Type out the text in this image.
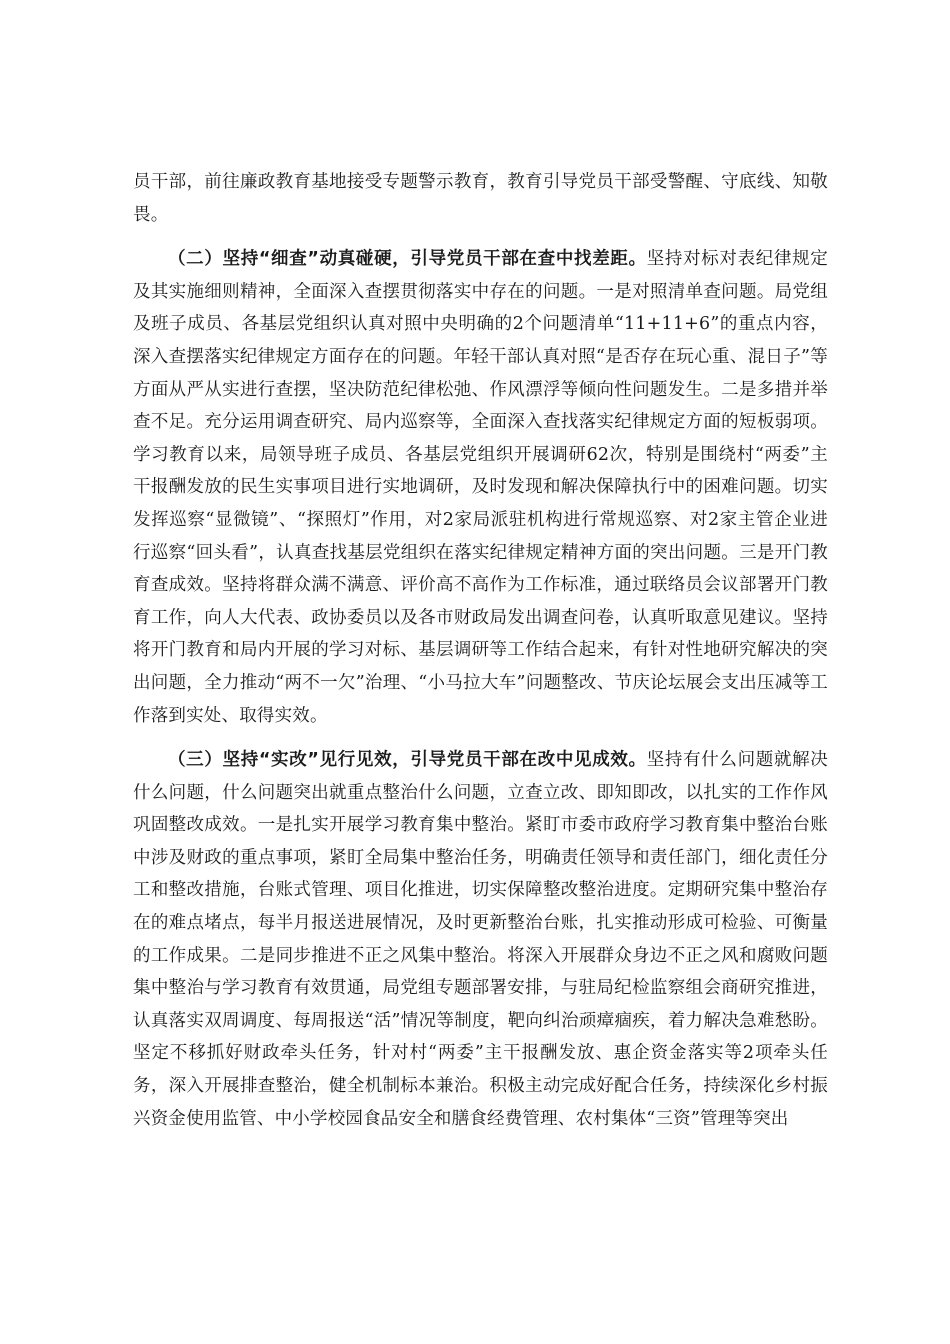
员干部，前往廉政教育基地接受专题警示教育，教育引导党员干部受警醒、守底线、知敬畏。

（二）坚持“细查”动真碰硬，引导党员干部在查中找差距。坚持对标对表纪律规定及其实施细则精神，全面深入查摆贯彻落实中存在的问题。一是对照清单查问题。局党组及班子成员、各基层党组织认真对照中央明确的2个问题清单“11+11+6”的重点内容，深入查摆落实纪律规定方面存在的问题。年轻干部认真对照“是否存在玩心重、混日子”等方面从严从实进行查摆，坚决防范纪律松弛、作风漂浮等倾向性问题发生。二是多措并举查不足。充分运用调查研究、局内巡察等，全面深入查找落实纪律规定方面的短板弱项。学习教育以来，局领导班子成员、各基层党组织开展调研62次，特别是围绕村“两委”主干报酬发放的民生实事项目进行实地调研，及时发现和解决保障执行中的困难问题。切实发挥巡察“显微镜”、“探照灯”作用，对2家局派驻机构进行常规巡察、对2家主管企业进行巡察“回头看”，认真查找基层党组织在落实纪律规定精神方面的突出问题。三是开门教育查成效。坚持将群众满不满意、评价高不高作为工作标准，通过联络员会议部署开门教育工作，向人大代表、政协委员以及各市财政局发出调查问卷，认真听取意见建议。坚持将开门教育和局内开展的学习对标、基层调研等工作结合起来，有针对性地研究解决的突出问题，全力推动“两不一欠”治理、“小马拉大车”问题整改、节庆论坛展会支出压减等工作落到实处、取得实效。

（三）坚持“实改”见行见效，引导党员干部在改中见成效。坚持有什么问题就解决什么问题，什么问题突出就重点整治什么问题，立查立改、即知即改，以扎实的工作作风巩固整改成效。一是扎实开展学习教育集中整治。紧盯市委市政府学习教育集中整治台账中涉及财政的重点事项，紧盯全局集中整治任务，明确责任领导和责任部门，细化责任分工和整改措施，台账式管理、项目化推进，切实保障整改整治进度。定期研究集中整治存在的难点堵点，每半月报送进展情况，及时更新整治台账，扎实推动形成可检验、可衡量的工作成果。二是同步推进不正之风集中整治。将深入开展群众身边不正之风和腐败问题集中整治与学习教育有效贯通，局党组专题部署安排，与驻局纪检监察组会商研究推进，认真落实双周调度、每周报送“活”情况等制度，靶向纠治顽瘴痼疾，着力解决急难愁盼。坚定不移抓好财政牵头任务，针对村“两委”主干报酬发放、惠企资金落实等2项牵头任务，深入开展排查整治，健全机制标本兼治。积极主动完成好配合任务，持续深化乡村振兴资金使用监管、中小学校园食品安全和膳食经费管理、农村集体“三资”管理等突出
